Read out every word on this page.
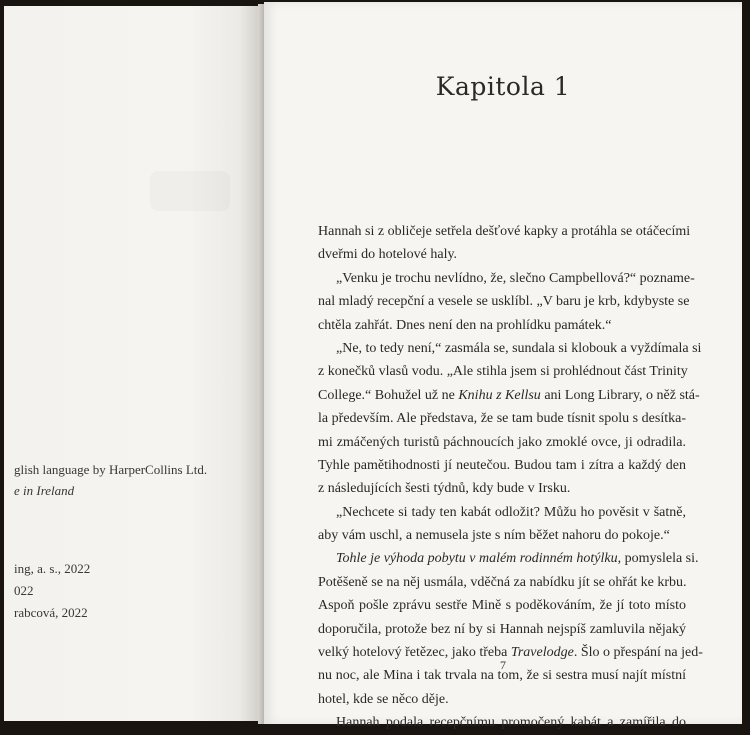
glish language by HarperCollins Ltd.
e in Ireland
ing, a. s., 2022
022
rabcová, 2022
Kapitola 1
Hannah si z obličeje setřela dešťové kapky a protáhla se otáčecími
dveřmi do hotelové haly.
„Venku je trochu nevlídno, že, slečno Campbellová?“ poznamе-
nal mladý recepční a vesele se usklíbl. „V baru je krb, kdybyste se
chtěla zahřát. Dnes není den na prohlídku památek.“
„Ne, to tedy není,“ zasmála se, sundala si klobouk a vyždímala si
z konečků vlasů vodu. „Ale stihla jsem si prohlédnout část Trinity
College.“ Bohužel už ne Knihu z Kellsu ani Long Library, o něž stá-
la především. Ale představa, že se tam bude tísnit spolu s desítka-
mi zmáčených turistů páchnoucích jako zmoklé ovce, ji odradila.
Tyhle pamětihodnosti jí neutečou. Budou tam i zítra a každý den
z následujících šesti týdnů, kdy bude v Irsku.
„Nechcete si tady ten kabát odložit? Můžu ho pověsit v šatně,
aby vám uschl, a nemusela jste s ním běžet nahoru do pokoje.“
Tohle je výhoda pobytu v malém rodinném hotýlku, pomyslela si.
Potěšeně se na něj usmála, vděčná za nabídku jít se ohřát ke krbu.
Aspoň pošle zprávu sestře Mině s poděkováním, že jí toto místo
doporučila, protože bez ní by si Hannah nejspíš zamluvila nějaký
velký hotelový řetězec, jako třeba Travelodge. Šlo o přespání na jed-
nu noc, ale Mina i tak trvala na tom, že si sestra musí najít místní
hotel, kde se něco děje.
Hannah podala recepčnímu promočený kabát a zamířila do
7
